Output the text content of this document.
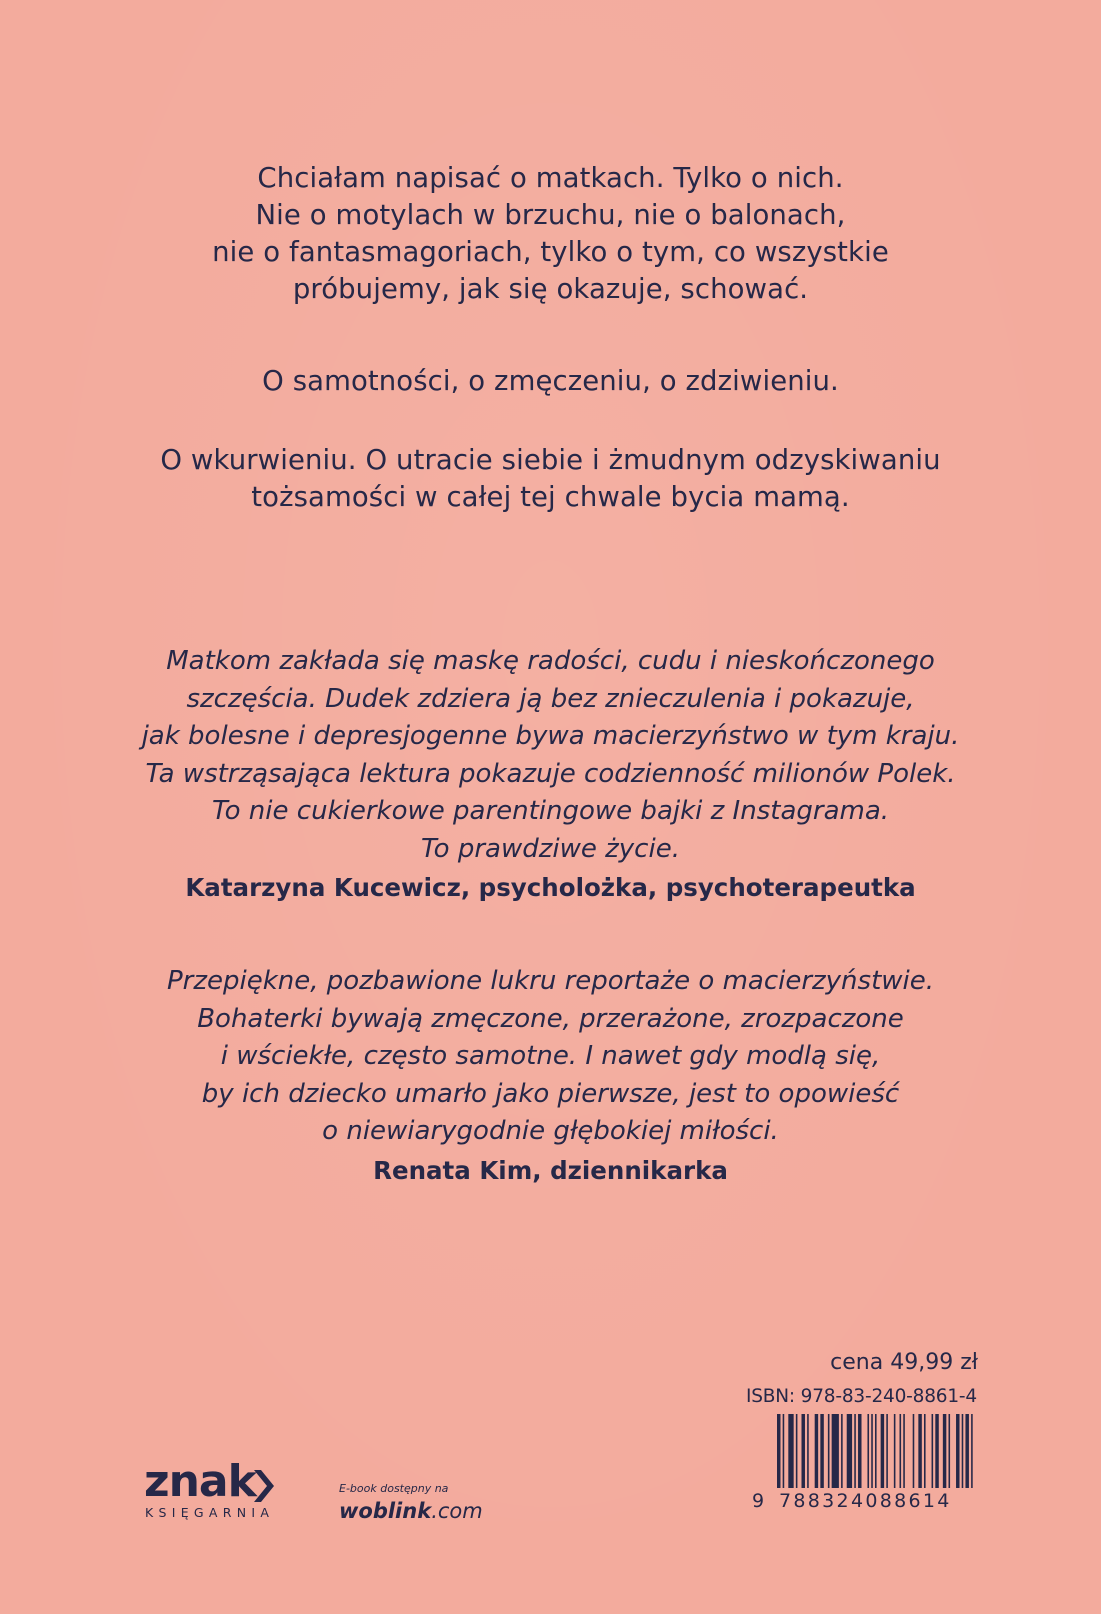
Chciałam napisać o matkach. Tylko o nich.

Nie o motylach w brzuchu, nie o balonach,

nie o fantasmagoriach, tylko o tym, co wszystkie

próbujemy, jak się okazuje, schować.

O samotności, o zmęczeniu, o zdziwieniu.

O wkurwieniu. O utracie siebie i żmudnym odzyskiwaniu

tożsamości w całej tej chwale bycia mamą.

Matkom zakłada się maskę radości, cudu i nieskończonego
szczęścia. Dudek zdziera ją bez znieczulenia i pokazuje,
jak bolesne i depresjogenne bywa macierzyństwo w tym kraju.
Ta wstrząsająca lektura pokazuje codzienność milionów Polek.
To nie cukierkowe parentingowe bajki z Instagrama.
To prawdziwe życie.
Katarzyna Kucewicz, psycholożka, psychoterapeutka
Przepiękne, pozbawione lukru reportaże o macierzyństwie.
Bohaterki bywają zmęczone, przerażone, zrozpaczone
i wściekłe, często samotne. I nawet gdy modlą się,
by ich dziecko umarło jako pierwsze, jest to opowieść
o niewiarygodnie głębokiej miłości.
Renata Kim, dziennikarka
cena 49,99 zł
ISBN: 978-83-240-8861-4
9 788324088614
znak
KSIĘGARNIA
E-book dostępny na
woblink.com
